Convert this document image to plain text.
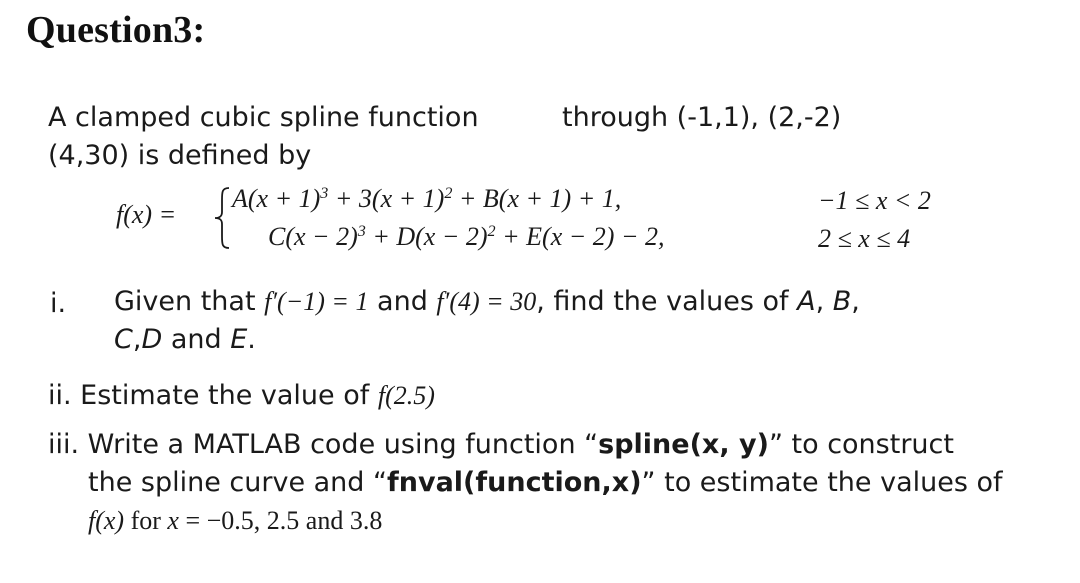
Question3:
A clamped cubic spline function	through (-1,1), (2,-2)
(4,30) is defined by
f(x) =
$A(x + 1)^3 + 3(x + 1)^2 + B(x + 1) + 1$,	−1 ≤ x < 2
$C(x - 2)^3 + D(x - 2)^2 + E(x - 2) - 2$,	2 ≤ x ≤ 4
i. Given that f′(−1) = 1 and f′(4) = 30, find the values of A, B,
C,D and E.
ii. Estimate the value of f(2.5)
iii. Write a MATLAB code using function “spline(x, y)” to construct
the spline curve and “fnval(function,x)” to estimate the values of
f(x) for x = −0.5, 2.5 and 3.8
